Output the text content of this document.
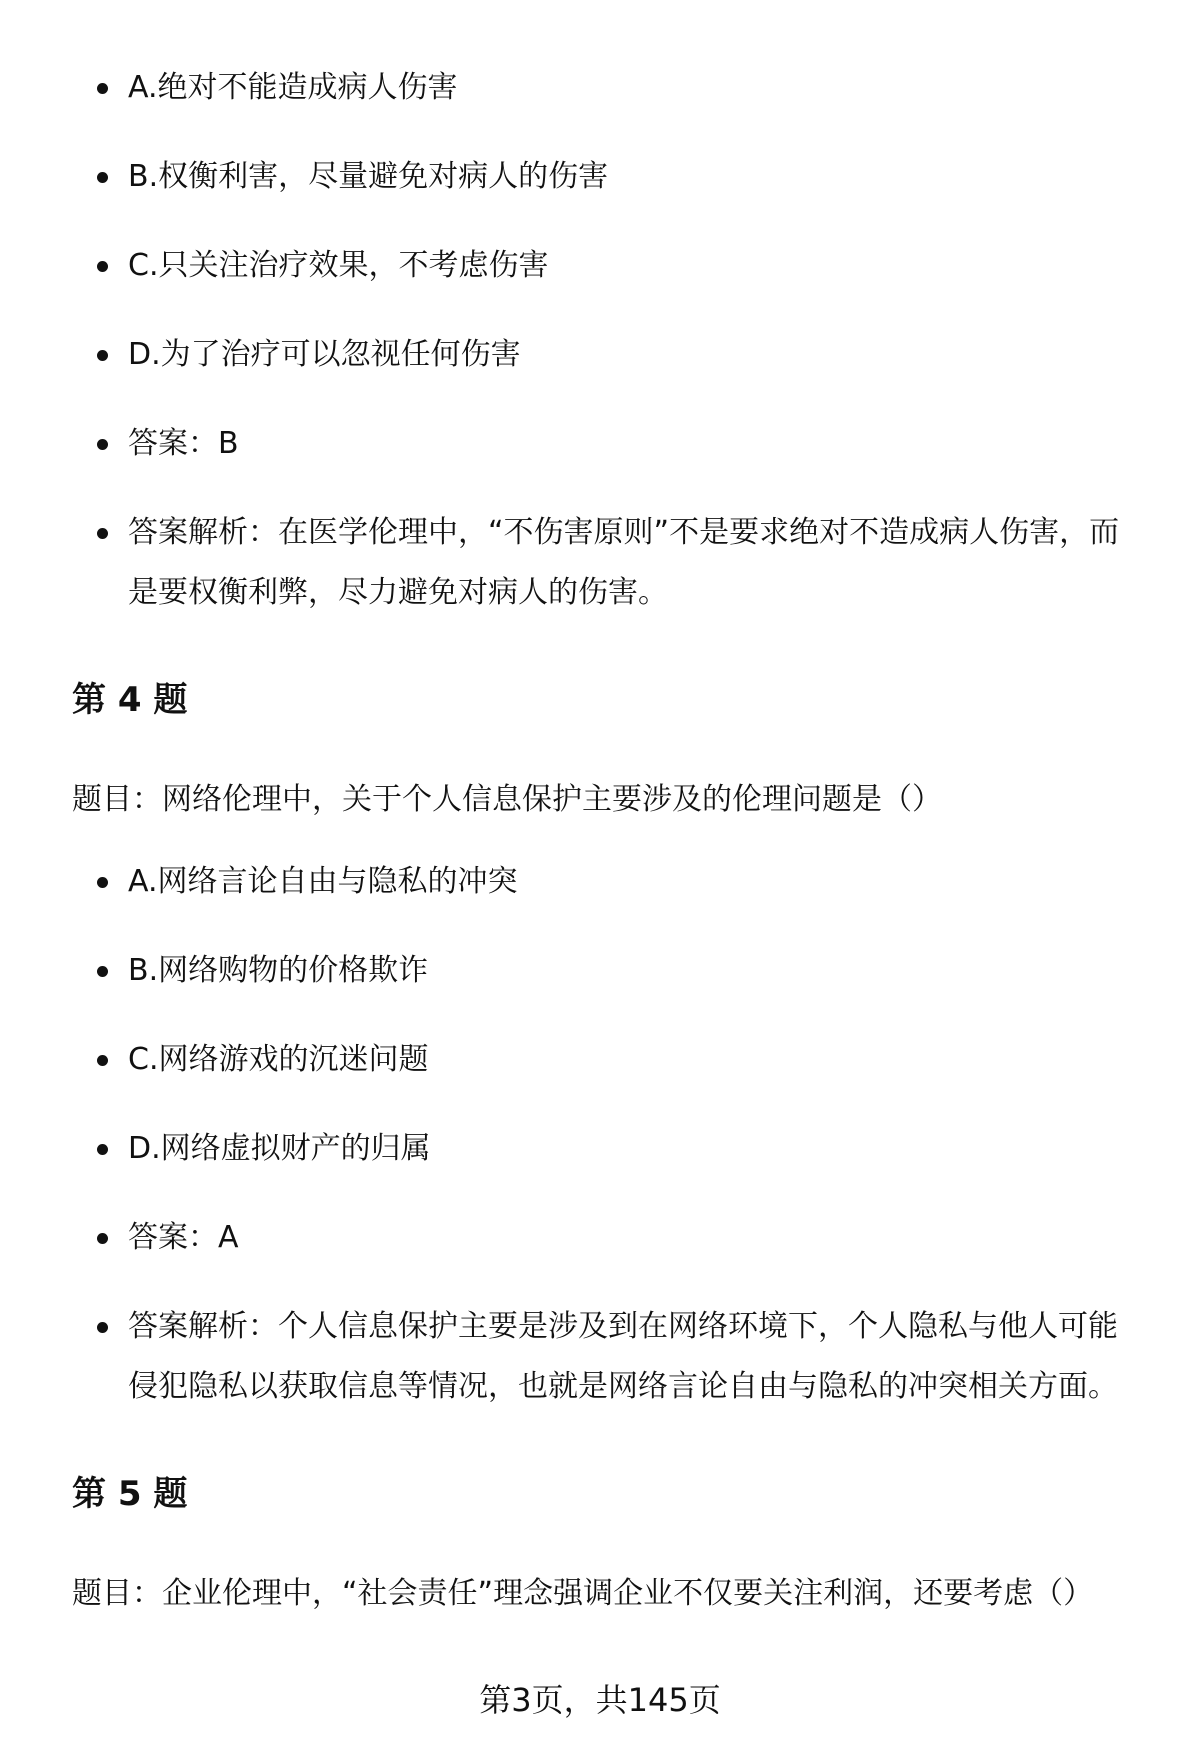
A.绝对不能造成病人伤害
B.权衡利害，尽量避免对病人的伤害
C.只关注治疗效果，不考虑伤害
D.为了治疗可以忽视任何伤害
答案：B
答案解析：在医学伦理中，“不伤害原则”不是要求绝对不造成病人伤害，而是要权衡利弊，尽力避免对病人的伤害。
第 4 题

题目：网络伦理中，关于个人信息保护主要涉及的伦理问题是（）

A.网络言论自由与隐私的冲突
B.网络购物的价格欺诈
C.网络游戏的沉迷问题
D.网络虚拟财产的归属
答案：A
答案解析：个人信息保护主要是涉及到在网络环境下，个人隐私与他人可能侵犯隐私以获取信息等情况，也就是网络言论自由与隐私的冲突相关方面。
第 5 题

题目：企业伦理中，“社会责任”理念强调企业不仅要关注利润，还要考虑（）

第3页，共145页
